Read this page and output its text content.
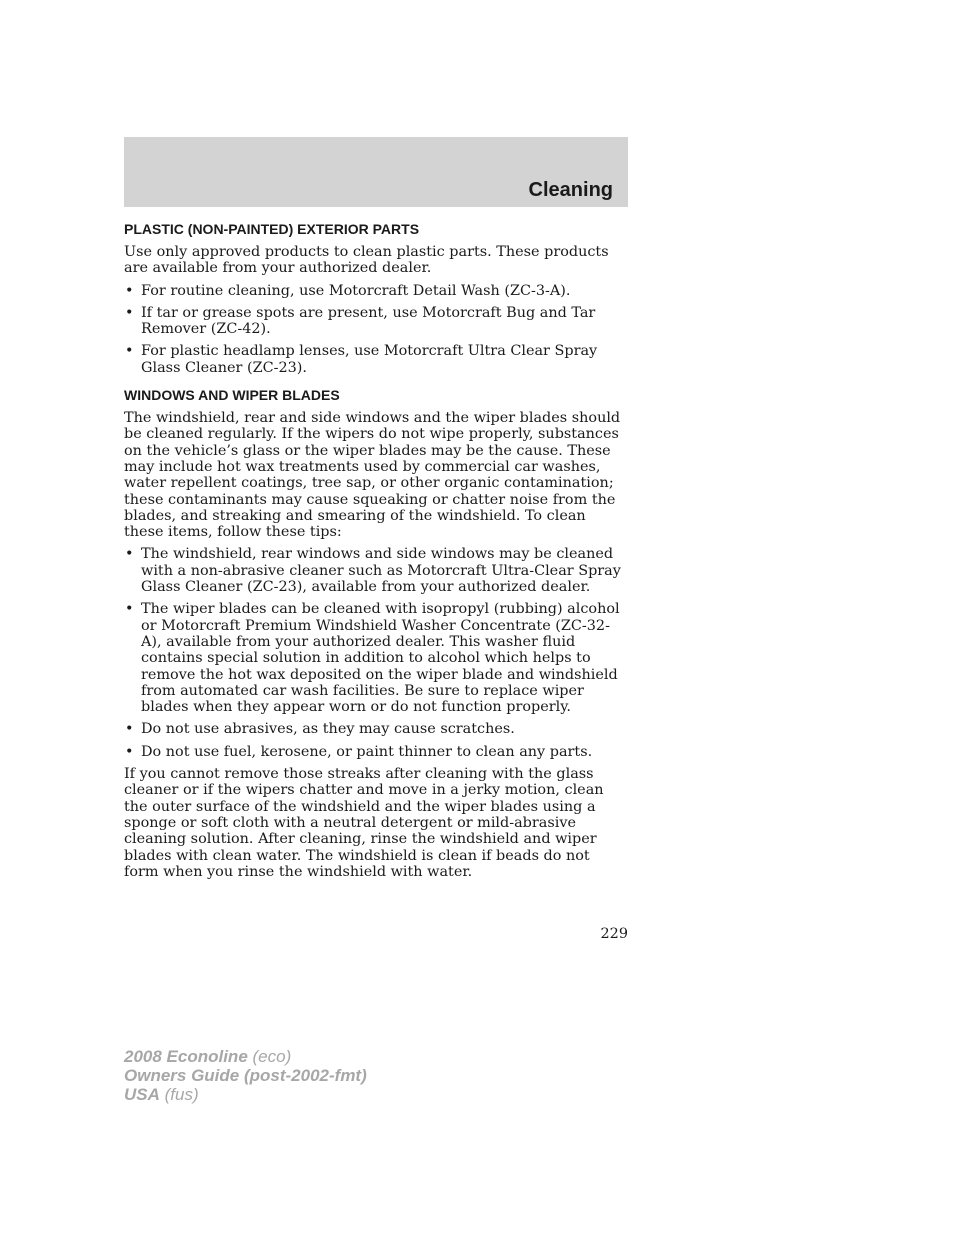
Cleaning
PLASTIC (NON-PAINTED) EXTERIOR PARTS

Use only approved products to clean plastic parts. These products are available from your authorized dealer.

• For routine cleaning, use Motorcraft Detail Wash (ZC-3-A).
• If tar or grease spots are present, use Motorcraft Bug and Tar Remover (ZC-42).
• For plastic headlamp lenses, use Motorcraft Ultra Clear Spray Glass Cleaner (ZC-23).
WINDOWS AND WIPER BLADES

The windshield, rear and side windows and the wiper blades should be cleaned regularly. If the wipers do not wipe properly, substances on the vehicle’s glass or the wiper blades may be the cause. These may include hot wax treatments used by commercial car washes, water repellent coatings, tree sap, or other organic contamination; these contaminants may cause squeaking or chatter noise from the blades, and streaking and smearing of the windshield. To clean these items, follow these tips:

• The windshield, rear windows and side windows may be cleaned with a non-abrasive cleaner such as Motorcraft Ultra-Clear Spray Glass Cleaner (ZC-23), available from your authorized dealer.
• The wiper blades can be cleaned with isopropyl (rubbing) alcohol or Motorcraft Premium Windshield Washer Concentrate (ZC-32-A), available from your authorized dealer. This washer fluid contains special solution in addition to alcohol which helps to remove the hot wax deposited on the wiper blade and windshield from automated car wash facilities. Be sure to replace wiper blades when they appear worn or do not function properly.
• Do not use abrasives, as they may cause scratches.
• Do not use fuel, kerosene, or paint thinner to clean any parts.

If you cannot remove those streaks after cleaning with the glass cleaner or if the wipers chatter and move in a jerky motion, clean the outer surface of the windshield and the wiper blades using a sponge or soft cloth with a neutral detergent or mild-abrasive cleaning solution. After cleaning, rinse the windshield and wiper blades with clean water. The windshield is clean if beads do not form when you rinse the windshield with water.

229
2008 Econoline (eco)
Owners Guide (post-2002-fmt)
USA (fus)
